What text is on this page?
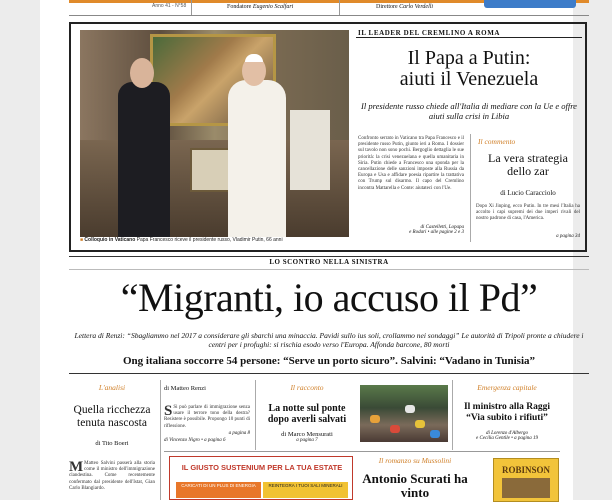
Anno 41 - N°58	Fondatore Eugenio Scalfari	Direttore Carlo Verdelli
■ Colloquio in Vaticano Papa Francesco riceve il presidente russo, Vladimir Putin, 66 anni
IL LEADER DEL CREMLINO A ROMA
Il Papa a Putin:
aiuti il Venezuela
Il presidente russo chiede all'Italia di mediare con la Ue e offre aiuti sulla crisi in Libia
Confronto serrato in Vaticano tra Papa Francesco e il presidente russo Putin, giunto ieri a Roma. I dossier sul tavolo non sono pochi. Bergoglio dettaglia le sue priorità: la crisi venezuelana e quella umanitaria in Siria. Putin chiede a Francesco una sponda per la cancellazione delle sanzioni imposte alla Russia da Europa e Usa e affidare poesia ripartire la trattativa con Trump sul disarmo. Il capo del Cremlino incontra Mattarella e Conte: aiutateci con l'Ue.
di Castelletti, Lopapa
e Rodari • alle pagine 2 e 3
Il commento
La vera strategia dello zar
di Lucio Caracciolo
Dopo Xi Jinping, ecco Putin. In tre mesi l'Italia ha accolto i capi supremi dei due imperi rivali del nostro padrone di casa, l'America.
a pagina 34
LO SCONTRO NELLA SINISTRA
“Migranti, io accuso il Pd”
Lettera di Renzi: “Sbagliammo nel 2017 a considerare gli sbarchi una minaccia. Pavidi sullo ius soli, crollammo nei sondaggi” Le autorità di Tripoli pronte a chiudere i centri per i profughi: si rischia esodo verso l'Europa. Affonda barcone, 80 morti
Ong italiana soccorre 54 persone: “Serve un porto sicuro”. Salvini: “Vadano in Tunisia”
L'analisi
Quella ricchezza tenuta nascosta
di Tito Boeri
M Matteo Salvini passerà alla storia come il ministro dell'immigrazione clandestina. Come recentemente confermato dal presidente dell'Istat, Gian Carlo Blangiardo.
di Matteo Renzi
S Si può parlare di immigrazione senza usare il terrore tono della destra? Resistere è possibile. Propongo 10 punti di riflessione.
a pagina 8
di Vincenzo Nigro • a pagina 6
Il racconto
La notte sul ponte dopo averli salvati
di Marco Mensurati
a pagina 7
Emergenza capitale
Il ministro alla Raggi “Via subito i rifiuti”
di Lorenzo d'Albergo
e Cecilia Gentile • a pagina 19
IL GIUSTO SUSTENIUM PER LA TUA ESTATE
CARICATI DI UN PLUS DI ENERGIA	REINTEGRA I TUOI SALI MINERALI
Il romanzo su Mussolini
Antonio Scurati ha vinto
ROBINSON
